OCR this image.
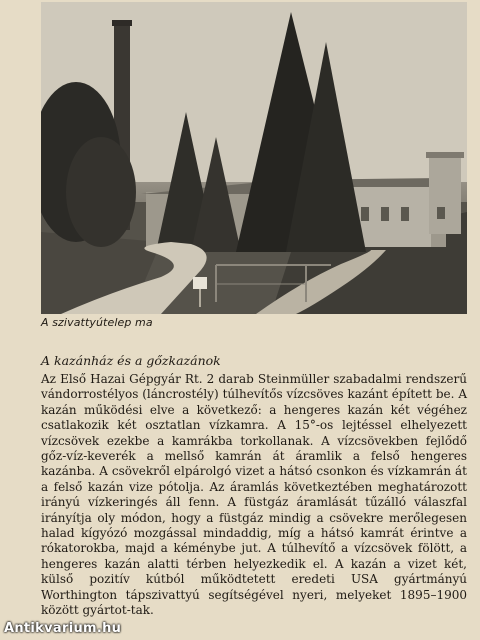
A szivattyútelep ma
A kazánház és a gőzkazánok

Az Első Hazai Gépgyár Rt. 2 darab Steinmüller szabadalmi rendszerű vándorrostélyos (láncrostély) túlhevítős vízcsöves kazánt épített be. A kazán működési elve a következő: a hengeres kazán két végéhez csatlakozik két osztatlan vízkamra. A 15°-os lejtéssel elhelyezett vízcsövek ezekbe a kamrákba torkollanak. A vízcsövekben fejlődő gőz-víz-keverék a mellső kamrán át áramlik a felső hengeres kazánba. A csövekről elpárolgó vizet a hátsó csonkon és vízkamrán át a felső kazán vize pótolja. Az áramlás következtében meghatározott irányú vízkeringés áll fenn. A füstgáz áramlását tűzálló válaszfal irányítja oly módon, hogy a füstgáz mindig a csövekre merőlegesen halad kígyózó mozgással mindaddig, míg a hátsó kamrát érintve a rókatorokba, majd a kéménybe jut. A túlhevítő a vízcsövek fölött, a hengeres kazán alatti térben helyezkedik el. A kazán a vizet két, külső pozitív kútból működtetett eredeti USA gyártmányú Worthington tápszivattyú segítségével nyeri, melyeket 1895–1900 között gyártot-tak.

Antikvarium.hu
